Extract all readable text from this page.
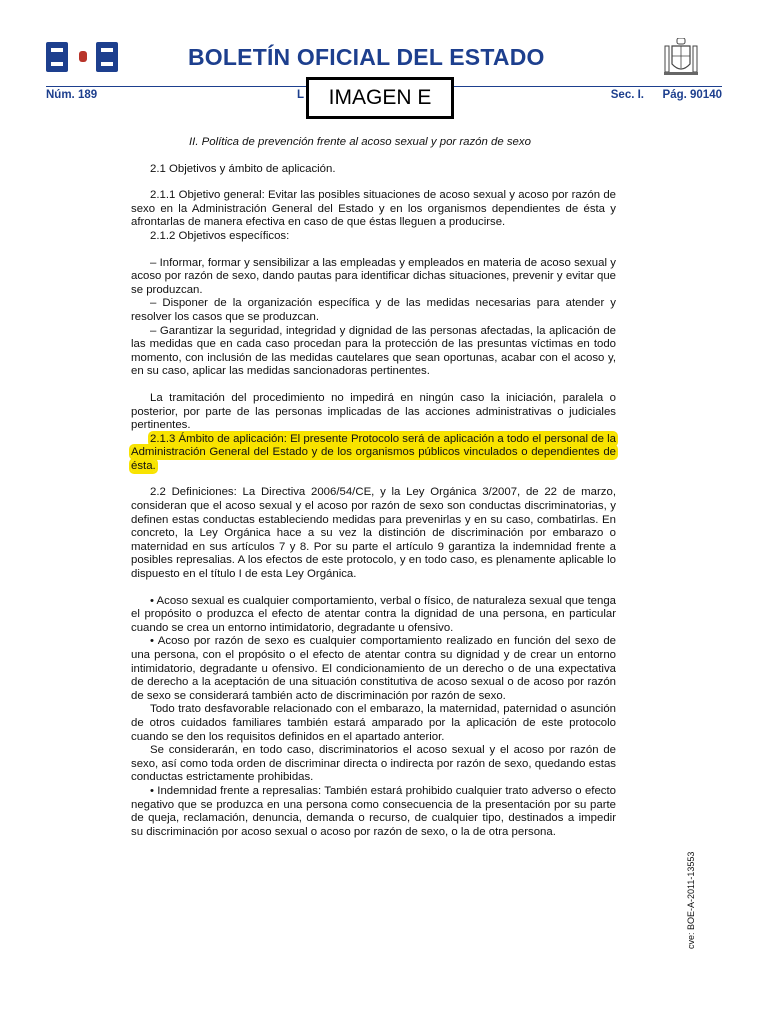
BOLETÍN OFICIAL DEL ESTADO
Núm. 189	L	Pág. 90140
Sec. I.
IMAGEN E

II. Política de prevención frente al acoso sexual y por razón de sexo

2.1 Objetivos y ámbito de aplicación.

2.1.1 Objetivo general: Evitar las posibles situaciones de acoso sexual y acoso por razón de sexo en la Administración General del Estado y en los organismos dependientes de ésta y afrontarlas de manera efectiva en caso de que éstas lleguen a producirse.

2.1.2 Objetivos específicos:

– Informar, formar y sensibilizar a las empleadas y empleados en materia de acoso sexual y acoso por razón de sexo, dando pautas para identificar dichas situaciones, prevenir y evitar que se produzcan.

– Disponer de la organización específica y de las medidas necesarias para atender y resolver los casos que se produzcan.

– Garantizar la seguridad, integridad y dignidad de las personas afectadas, la aplicación de las medidas que en cada caso procedan para la protección de las presuntas víctimas en todo momento, con inclusión de las medidas cautelares que sean oportunas, acabar con el acoso y, en su caso, aplicar las medidas sancionadoras pertinentes.

La tramitación del procedimiento no impedirá en ningún caso la iniciación, paralela o posterior, por parte de las personas implicadas de las acciones administrativas o judiciales pertinentes.

2.1.3 Ámbito de aplicación: El presente Protocolo será de aplicación a todo el personal de la Administración General del Estado y de los organismos públicos vinculados o dependientes de ésta.

2.2 Definiciones: La Directiva 2006/54/CE, y la Ley Orgánica 3/2007, de 22 de marzo, consideran que el acoso sexual y el acoso por razón de sexo son conductas discriminatorias, y definen estas conductas estableciendo medidas para prevenirlas y en su caso, combatirlas. En concreto, la Ley Orgánica hace a su vez la distinción de discriminación por embarazo o maternidad en sus artículos 7 y 8. Por su parte el artículo 9 garantiza la indemnidad frente a posibles represalias. A los efectos de este protocolo, y en todo caso, es plenamente aplicable lo dispuesto en el título I de esta Ley Orgánica.

• Acoso sexual es cualquier comportamiento, verbal o físico, de naturaleza sexual que tenga el propósito o produzca el efecto de atentar contra la dignidad de una persona, en particular cuando se crea un entorno intimidatorio, degradante u ofensivo.

• Acoso por razón de sexo es cualquier comportamiento realizado en función del sexo de una persona, con el propósito o el efecto de atentar contra su dignidad y de crear un entorno intimidatorio, degradante u ofensivo. El condicionamiento de un derecho o de una expectativa de derecho a la aceptación de una situación constitutiva de acoso sexual o de acoso por razón de sexo se considerará también acto de discriminación por razón de sexo.

Todo trato desfavorable relacionado con el embarazo, la maternidad, paternidad o asunción de otros cuidados familiares también estará amparado por la aplicación de este protocolo cuando se den los requisitos definidos en el apartado anterior.

Se considerarán, en todo caso, discriminatorios el acoso sexual y el acoso por razón de sexo, así como toda orden de discriminar directa o indirecta por razón de sexo, quedando estas conductas estrictamente prohibidas.

• Indemnidad frente a represalias: También estará prohibido cualquier trato adverso o efecto negativo que se produzca en una persona como consecuencia de la presentación por su parte de queja, reclamación, denuncia, demanda o recurso, de cualquier tipo, destinados a impedir su discriminación por acoso sexual o acoso por razón de sexo, o la de otra persona.

cve: BOE-A-2011-13553
